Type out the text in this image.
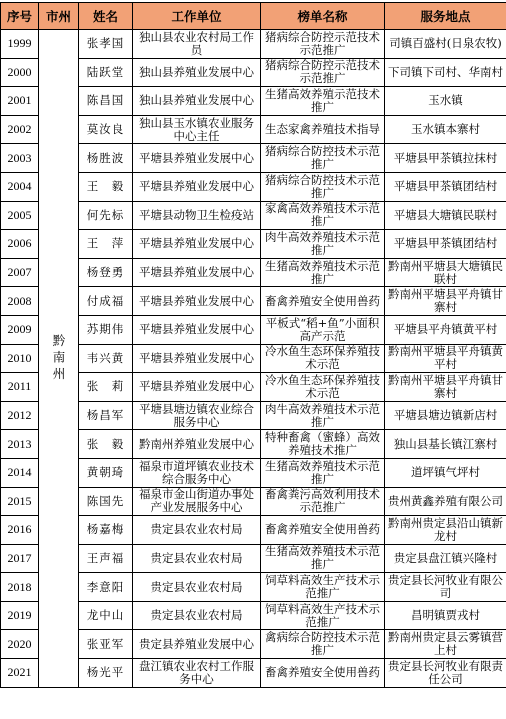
序号	市州	姓名	工作单位	榜单名称	服务地点
1999	黔南州	张孝国	独山县农业农村局工作员	猪病综合防控示范技术示范推广	司镇百盛村(日泉农牧)
2000		陆跃堂	独山县养殖业发展中心	猪病综合防控示范技术示范推广	下司镇下司村、华南村
2001		陈昌国	独山县养殖业发展中心	生猪高效养殖示范技术推广	玉水镇
2002		莫汝良	独山县玉水镇农业服务中心主任	生态家禽养殖技术指导	玉水镇本寨村
2003		杨胜波	平塘县养殖业发展中心	猪病综合防控技术示范推广	平塘县甲茶镇拉抹村
2004		王　毅	平塘县养殖业发展中心	猪病综合防控技术示范推广	平塘县甲茶镇团结村
2005		何先标	平塘县动物卫生检疫站	家禽高效养殖技术示范推广	平塘县大塘镇民联村
2006		王　萍	平塘县养殖业发展中心	肉牛高效养殖技术示范推广	平塘县甲茶镇团结村
2007		杨登勇	平塘县养殖业发展中心	生猪高效养殖技术示范推广	黔南州平塘县大塘镇民联村
2008		付成福	平塘县养殖业发展中心	畜禽养殖安全使用兽药	黔南州平塘县平舟镇甘寨村
2009		苏期伟	平塘县养殖业发展中心	平板式“稻+鱼”小面积高产示范	平塘县平舟镇黄平村
2010		韦兴黄	平塘县养殖业发展中心	冷水鱼生态环保养殖技术示范	黔南州平塘县平舟镇黄平村
2011		张　莉	平塘县养殖业发展中心	冷水鱼生态环保养殖技术示范	黔南州平塘县平舟镇甘寨村
2012		杨昌军	平塘县塘边镇农业综合服务中心	肉牛高效养殖技术示范推广	平塘县塘边镇新店村
2013		张　毅	黔南州养殖业发展中心	特种畜禽（蜜蜂）高效养殖技术推广	独山县基长镇江寨村
2014		黄朝琦	福泉市道坪镇农业技术综合服务中心	生猪高效养殖技术示范推广	道坪镇气坪村
2015		陈国先	福泉市金山街道办事处产业发展服务中心	畜禽粪污高效利用技术示范推广	贵州黄鑫养殖有限公司
2016		杨嘉梅	贵定县农业农村局	畜禽养殖安全使用兽药	黔南州贵定县沿山镇新龙村
2017		王声福	贵定县农业农村局	生猪高效养殖技术示范推广	贵定县盘江镇兴隆村
2018		李意阳	贵定县农业农村局	饲草料高效生产技术示范推广	贵定县长河牧业有限公司
2019		龙中山	贵定县农业农村局	饲草料高效生产技术示范推广	昌明镇贾戎村
2020		张亚军	贵定县养殖业发展中心	禽病综合防控技术示范推广	黔南州贵定县云雾镇营上村
2021		杨光平	盘江镇农业农村工作服务中心	畜禽养殖安全使用兽药	贵定县长河牧业有限责任公司
